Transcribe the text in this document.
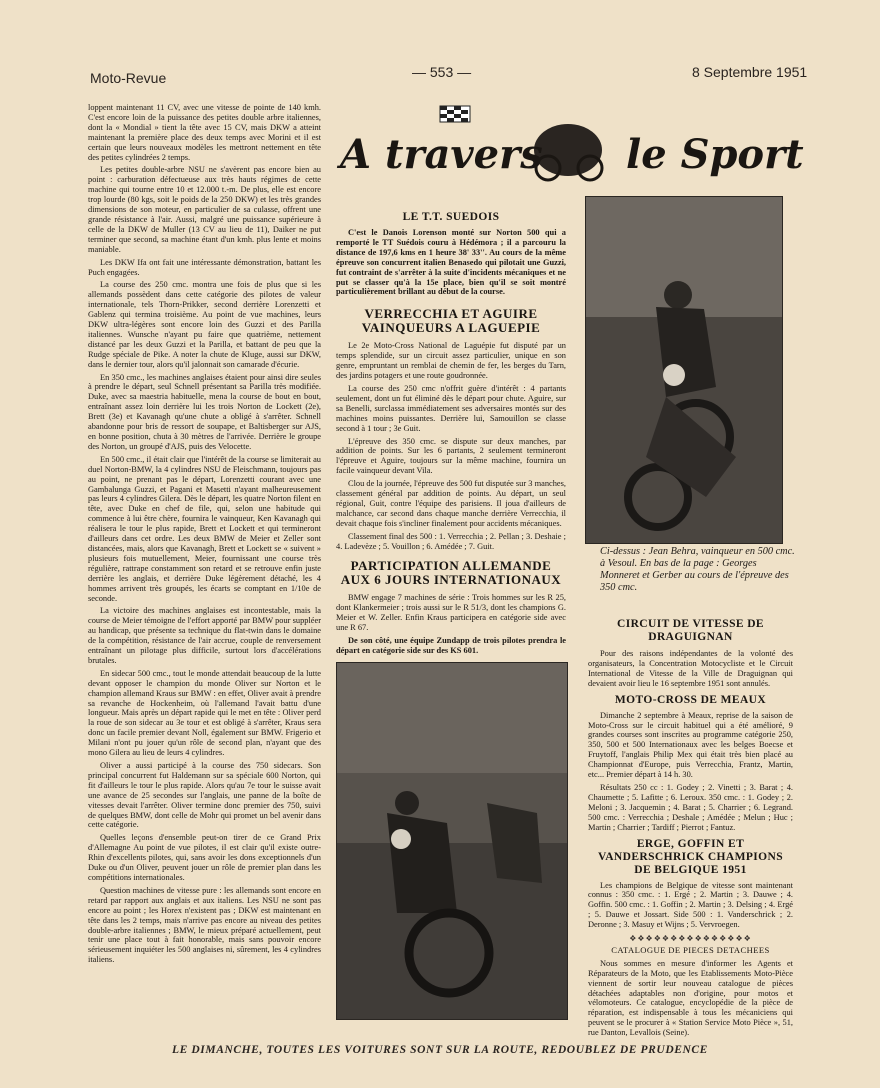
Moto-Revue	— 553 —	8 Septembre 1951
A travers le Sport

loppent maintenant 11 CV, avec une vitesse de pointe de 140 kmh. C'est encore loin de la puissance des petites double arbre italiennes, dont la « Mondial » tient la tête avec 15 CV, mais DKW a atteint maintenant la première place des deux temps avec Morini et il est certain que leurs nouveaux modèles les mettront nettement en tête des petites cylindrées 2 temps.

Les petites double-arbre NSU ne s'avèrent pas encore bien au point : carburation défectueuse aux très hauts régimes de cette machine qui tourne entre 10 et 12.000 t.-m. De plus, elle est encore trop lourde (80 kgs, soit le poids de la 250 DKW) et les très grandes dimensions de son moteur, en particulier de sa culasse, offrent une grande résistance à l'air. Aussi, malgré une puissance supérieure à celle de la DKW de Muller (13 CV au lieu de 11), Daiker ne put terminer que second, sa machine étant d'un kmh. plus lente et moins maniable.

Les DKW Ifa ont fait une intéressante démonstration, battant les Puch engagées.

La course des 250 cmc. montra une fois de plus que si les allemands possèdent dans cette catégorie des pilotes de valeur internationale, tels Thorn-Prikker, second derrière Lorenzetti et Gablenz qui termina troisième. Au point de vue machines, leurs DKW ultra-légères sont encore loin des Guzzi et des Parilla italiennes. Wunsche n'ayant pu faire que quatrième, nettement distancé par les deux Guzzi et la Parilla, et battant de peu que la Rudge spéciale de Pike. A noter la chute de Kluge, aussi sur DKW, dans le dernier tour, alors qu'il jalonnait son camarade d'écurie.

En 350 cmc., les machines anglaises étaient pour ainsi dire seules à prendre le départ, seul Schnell présentant sa Parilla très modifiée. Duke, avec sa maestria habituelle, mena la course de bout en bout, entraînant assez loin derrière lui les trois Norton de Lockett (2e), Brett (3e) et Kavanagh qu'une chute a obligé à s'arrêter. Schnell abandonne pour bris de ressort de soupape, et Baltisberger sur AJS, en bonne position, chuta à 30 mètres de l'arrivée. Derrière le groupe des Norton, un groupé d'AJS, puis des Velocette.

En 500 cmc., il était clair que l'intérêt de la course se limiterait au duel Norton-BMW, la 4 cylindres NSU de Fleischmann, toujours pas au point, ne prenant pas le départ, Lorenzetti courant avec une Gambalunga Guzzi, et Pagani et Masetti n'ayant malheureusement pas leurs 4 cylindres Gilera. Dès le départ, les quatre Norton filent en tête, avec Duke en chef de file, qui, selon une habitude qui commence à lui être chère, fournira le vainqueur, Ken Kavanagh qui réalisera le tour le plus rapide, Brett et Lockett et qui termineront d'ailleurs dans cet ordre. Les deux BMW de Meier et Zeller sont distancées, mais, alors que Kavanagh, Brett et Lockett se « suivent » plusieurs fois mutuellement, Meier, fournissant une course très régulière, rattrape constamment son retard et se retrouve enfin juste derrière les anglais, et derrière Duke légèrement détaché, les 4 hommes arrivent très groupés, les écarts se comptant en 1/10e de seconde.

La victoire des machines anglaises est incontestable, mais la course de Meier témoigne de l'effort apporté par BMW pour suppléer au handicap, que présente sa technique du flat-twin dans le domaine de la compétition, résistance de l'air accrue, couple de renversement entraînant un pilotage plus difficile, surtout lors d'accélérations brutales.

En sidecar 500 cmc., tout le monde attendait beaucoup de la lutte devant opposer le champion du monde Oliver sur Norton et le champion allemand Kraus sur BMW : en effet, Oliver avait à prendre sa revanche de Hockenheim, où l'allemand l'avait battu d'une longueur. Mais après un départ rapide qui le met en tête : Oliver perd la roue de son sidecar au 3e tour et est obligé à s'arrêter, Kraus sera donc un facile premier devant Noll, également sur BMW. Frigerio et Milani n'ont pu jouer qu'un rôle de second plan, n'ayant que des mono Gilera au lieu de leurs 4 cylindres.

Oliver a aussi participé à la course des 750 sidecars. Son principal concurrent fut Haldemann sur sa spéciale 600 Norton, qui fit d'ailleurs le tour le plus rapide. Alors qu'au 7e tour le suisse avait une avance de 25 secondes sur l'anglais, une panne de la boîte de vitesses devait l'arrêter. Oliver termine donc premier des 750, suivi de quelques BMW, dont celle de Mohr qui promet un bel avenir dans cette catégorie.

Quelles leçons d'ensemble peut-on tirer de ce Grand Prix d'Allemagne Au point de vue pilotes, il est clair qu'il existe outre-Rhin d'excellents pilotes, qui, sans avoir les dons exceptionnels d'un Duke ou d'un Oliver, peuvent jouer un rôle de premier plan dans les compétitions internationales.

Question machines de vitesse pure : les allemands sont encore en retard par rapport aux anglais et aux italiens. Les NSU ne sont pas encore au point ; les Horex n'existent pas ; DKW est maintenant en tête dans les 2 temps, mais n'arrive pas encore au niveau des petites double-arbre italiennes ; BMW, le mieux préparé actuellement, peut tenir une place tout à fait honorable, mais sans pouvoir encore sérieusement inquiéter les 500 anglaises ni, sûrement, les 4 cylindres italiens.

LE T.T. SUEDOIS

C'est le Danois Lorenson monté sur Norton 500 qui a remporté le TT Suédois couru à Hédémora ; il a parcouru la distance de 197,6 kms en 1 heure 38' 33''. Au cours de la même épreuve son concurrent italien Benasedo qui pilotait une Guzzi, fut contraint de s'arrêter à la suite d'incidents mécaniques et ne put se classer qu'à la 15e place, bien qu'il se soit montré particulièrement brillant au début de la course.

VERRECCHIA ET AGUIRE VAINQUEURS A LAGUEPIE

Le 2e Moto-Cross National de Laguépie fut disputé par un temps splendide, sur un circuit assez particulier, unique en son genre, empruntant un remblai de chemin de fer, les berges du Tarn, des jardins potagers et une route goudronnée.

La course des 250 cmc n'offrit guère d'intérêt : 4 partants seulement, dont un fut éliminé dès le départ pour chute. Aguire, sur sa Benelli, surclassa immédiatement ses adversaires montés sur des machines moins puissantes. Derrière lui, Samouillon se classe second à 1 tour ; 3e Guit.

L'épreuve des 350 cmc. se dispute sur deux manches, par addition de points. Sur les 6 partants, 2 seulement termineront l'épreuve et Aguire, toujours sur la même machine, fournira un facile vainqueur devant Vila.

Clou de la journée, l'épreuve des 500 fut disputée sur 3 manches, classement général par addition de points. Au départ, un seul régional, Guit, contre l'équipe des parisiens. Il joua d'ailleurs de malchance, car second dans chaque manche derrière Verrecchia, il devait chaque fois s'incliner finalement pour accidents mécaniques.

Classement final des 500 : 1. Verrecchia ; 2. Pellan ; 3. Deshaie ; 4. Ladevèze ; 5. Vouillon ; 6. Amédée ; 7. Guit.

PARTICIPATION ALLEMANDE AUX 6 JOURS INTERNATIONAUX

BMW engage 7 machines de série : Trois hommes sur les R 25, dont Klankermeier ; trois aussi sur le R 51/3, dont les champions G. Meier et W. Zeller. Enfin Kraus participera en catégorie side avec une R 67.

De son côté, une équipe Zundapp de trois pilotes prendra le départ en catégorie side sur des KS 601.

Ci-dessus : Jean Behra, vainqueur en 500 cmc. à Vesoul. En bas de la page : Georges Monneret et Gerber au cours de l'épreuve des 350 cmc.
CIRCUIT DE VITESSE DE DRAGUIGNAN

Pour des raisons indépendantes de la volonté des organisateurs, la Concentration Motocycliste et le Circuit International de Vitesse de la Ville de Draguignan qui devaient avoir lieu le 16 septembre 1951 sont annulés.

MOTO-CROSS DE MEAUX

Dimanche 2 septembre à Meaux, reprise de la saison de Moto-Cross sur le circuit habituel qui a été amélioré, 9 grandes courses sont inscrites au programme catégorie 250, 350, 500 et 500 Internationaux avec les belges Boecse et Fruytoff, l'anglais Philip Mex qui était très bien placé au Championnat d'Europe, puis Verrecchia, Frantz, Martin, etc... Premier départ à 14 h. 30.

Résultats 250 cc : 1. Godey ; 2. Vinetti ; 3. Barat ; 4. Chaumette ; 5. Lafitte ; 6. Leroux. 350 cmc. : 1. Godey ; 2. Meloni ; 3. Jacquemin ; 4. Barat ; 5. Charrier ; 6. Legrand. 500 cmc. : Verrecchia ; Deshale ; Amédée ; Melun ; Huc ; Martin ; Charrier ; Tardiff ; Pierrot ; Fantuz.

ERGE, GOFFIN ET VANDERSCHRICK CHAMPIONS DE BELGIQUE 1951

Les champions de Belgique de vitesse sont maintenant connus : 350 cmc. : 1. Ergé ; 2. Martin ; 3. Dauwe ; 4. Goffin. 500 cmc. : 1. Goffin ; 2. Martin ; 3. Delsing ; 4. Ergé ; 5. Dauwe et Jossart. Side 500 : 1. Vanderschrick ; 2. Deronne ; 3. Masuy et Wijns ; 5. Vervroegen.

❖❖❖❖❖❖❖❖❖❖❖❖❖❖❖
CATALOGUE DE PIECES DETACHEES

Nous sommes en mesure d'informer les Agents et Réparateurs de la Moto, que les Etablissements Moto-Pièce viennent de sortir leur nouveau catalogue de pièces détachées adaptables non d'origine, pour motos et vélomoteurs. Ce catalogue, encyclopédie de la pièce de réparation, est indispensable à tous les mécaniciens qui peuvent se le procurer à « Station Service Moto Pièce », 51, rue Danton, Levallois (Seine).

LE DIMANCHE, TOUTES LES VOITURES SONT SUR LA ROUTE, REDOUBLEZ DE PRUDENCE
